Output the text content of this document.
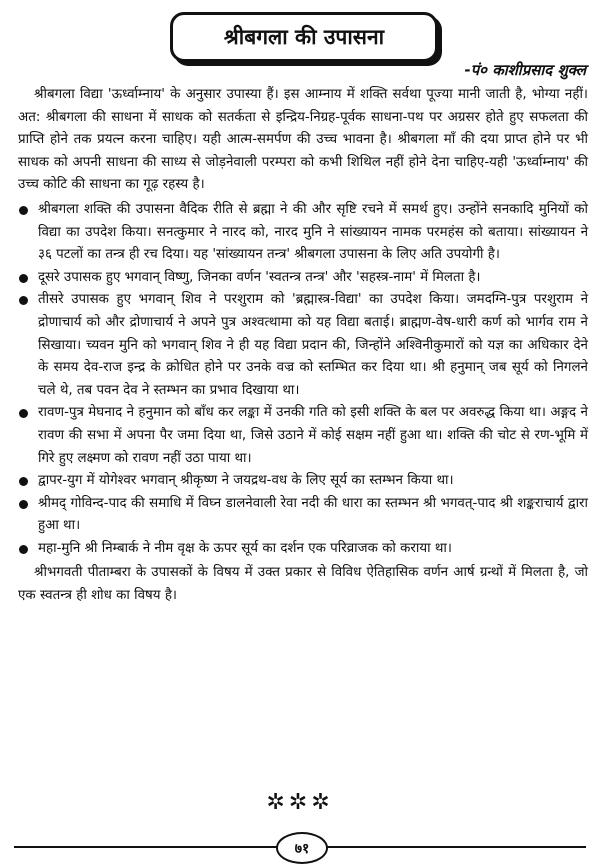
श्रीबगला की उपासना
-पं० काशीप्रसाद शुक्ल

श्रीबगला विद्या 'ऊर्ध्वाम्नाय' के अनुसार उपास्या हैं। इस आम्नाय में शक्ति सर्वथा पूज्या मानी जाती है, भोग्या नहीं। अत: श्रीबगला की साधना में साधक को सतर्कता से इन्द्रिय-निग्रह-पूर्वक साधना-पथ पर अग्रसर होते हुए सफलता की प्राप्ति होने तक प्रयत्न करना चाहिए। यही आत्म-समर्पण की उच्च भावना है। श्रीबगला माँ की दया प्राप्त होने पर भी साधक को अपनी साधना की साध्य से जोड़नेवाली परम्परा को कभी शिथिल नहीं होने देना चाहिए-यही 'ऊर्ध्वाम्नाय' की उच्च कोटि की साधना का गूढ़ रहस्य है।

श्रीबगला शक्ति की उपासना वैदिक रीति से ब्रह्मा ने की और सृष्टि रचने में समर्थ हुए। उन्होंने सनकादि मुनियों को विद्या का उपदेश किया। सनत्कुमार ने नारद को, नारद मुनि ने सांख्यायन नामक परमहंस को बताया। सांख्यायन ने ३६ पटलों का तन्त्र ही रच दिया। यह 'सांख्यायन तन्त्र' श्रीबगला उपासना के लिए अति उपयोगी है।
दूसरे उपासक हुए भगवान् विष्णु, जिनका वर्णन 'स्वतन्त्र तन्त्र' और 'सहस्त्र-नाम' में मिलता है।
तीसरे उपासक हुए भगवान् शिव ने परशुराम को 'ब्रह्मास्त्र-विद्या' का उपदेश किया। जमदग्नि-पुत्र परशुराम ने द्रोणाचार्य को और द्रोणाचार्य ने अपने पुत्र अश्वत्थामा को यह विद्या बताई। ब्राह्मण-वेष-धारी कर्ण को भार्गव राम ने सिखाया। च्यवन मुनि को भगवान् शिव ने ही यह विद्या प्रदान की, जिन्होंने अश्विनीकुमारों को यज्ञ का अधिकार देने के समय देव-राज इन्द्र के क्रोधित होने पर उनके वज्र को स्तम्भित कर दिया था। श्री हनुमान् जब सूर्य को निगलने चले थे, तब पवन देव ने स्तम्भन का प्रभाव दिखाया था।
रावण-पुत्र मेघनाद ने हनुमान को बाँध कर लङ्का में उनकी गति को इसी शक्ति के बल पर अवरुद्ध किया था। अङ्गद ने रावण की सभा में अपना पैर जमा दिया था, जिसे उठाने में कोई सक्षम नहीं हुआ था। शक्ति की चोट से रण-भूमि में गिरे हुए लक्ष्मण को रावण नहीं उठा पाया था।
द्वापर-युग में योगेश्वर भगवान् श्रीकृष्ण ने जयद्रथ-वध के लिए सूर्य का स्तम्भन किया था।
श्रीमद् गोविन्द-पाद की समाधि में विघ्न डालनेवाली रेवा नदी की धारा का स्तम्भन श्री भगवत्-पाद श्री शङ्कराचार्य द्वारा हुआ था।
महा-मुनि श्री निम्बार्क ने नीम वृक्ष के ऊपर सूर्य का दर्शन एक परिव्राजक को कराया था।

श्रीभगवती पीताम्बरा के उपासकों के विषय में उक्त प्रकार से विविध ऐतिहासिक वर्णन आर्ष ग्रन्थों में मिलता है, जो एक स्वतन्त्र ही शोध का विषय है।

✲✲✲
७१
